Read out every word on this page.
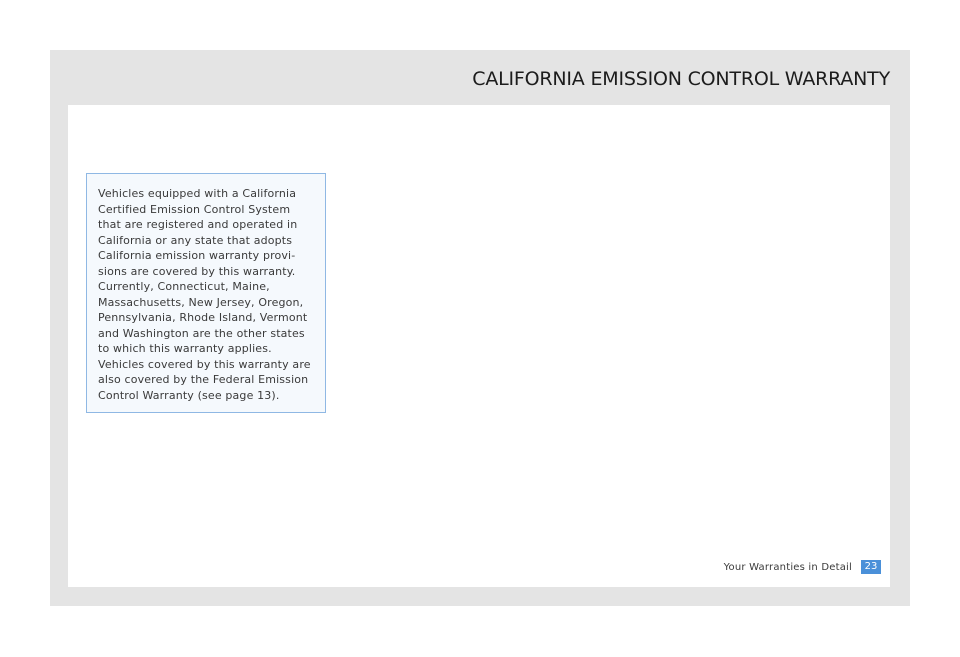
CALIFORNIA EMISSION CONTROL WARRANTY

Vehicles equipped with a California
Certified Emission Control System
that are registered and operated in
California or any state that adopts
California emission warranty provi-
sions are covered by this warranty.
Currently, Connecticut, Maine,
Massachusetts, New Jersey, Oregon,
Pennsylvania, Rhode Island, Vermont
and Washington are the other states
to which this warranty applies.
Vehicles covered by this warranty are
also covered by the Federal Emission
Control Warranty (see page 13).

Your Warranties in Detail	23
